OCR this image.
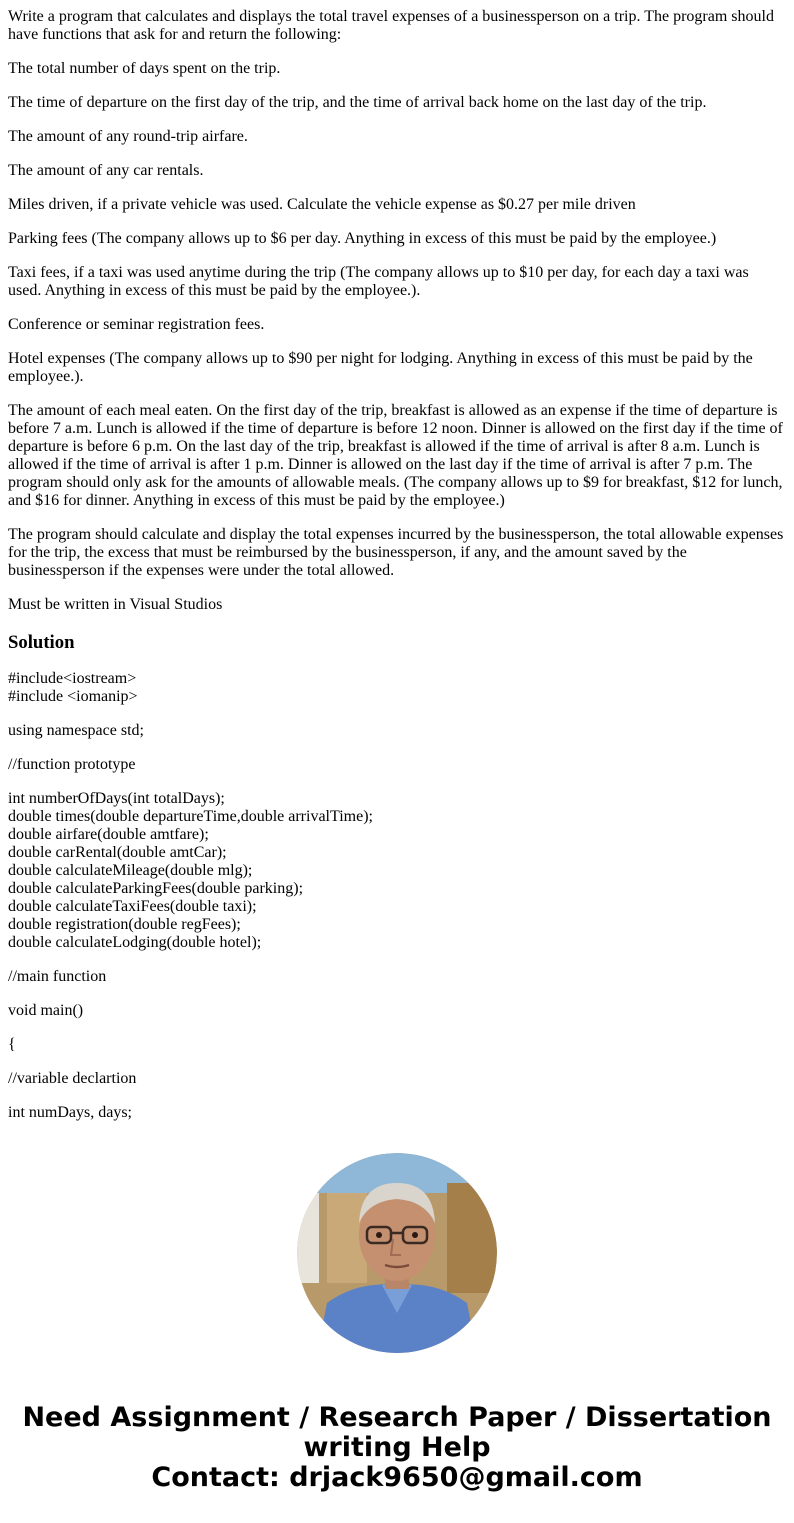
Write a program that calculates and displays the total travel expenses of a businessperson on a trip. The program should have functions that ask for and return the following:

The total number of days spent on the trip.

The time of departure on the first day of the trip, and the time of arrival back home on the last day of the trip.

The amount of any round-trip airfare.

The amount of any car rentals.

Miles driven, if a private vehicle was used. Calculate the vehicle expense as $0.27 per mile driven

Parking fees (The company allows up to $6 per day. Anything in excess of this must be paid by the employee.)

Taxi fees, if a taxi was used anytime during the trip (The company allows up to $10 per day, for each day a taxi was used. Anything in excess of this must be paid by the employee.).

Conference or seminar registration fees.

Hotel expenses (The company allows up to $90 per night for lodging. Anything in excess of this must be paid by the employee.).

The amount of each meal eaten. On the first day of the trip, breakfast is allowed as an expense if the time of departure is before 7 a.m. Lunch is allowed if the time of departure is before 12 noon. Dinner is allowed on the first day if the time of departure is before 6 p.m. On the last day of the trip, breakfast is allowed if the time of arrival is after 8 a.m. Lunch is allowed if the time of arrival is after 1 p.m. Dinner is allowed on the last day if the time of arrival is after 7 p.m. The program should only ask for the amounts of allowable meals. (The company allows up to $9 for breakfast, $12 for lunch, and $16 for dinner. Anything in excess of this must be paid by the employee.)

The program should calculate and display the total expenses incurred by the businessperson, the total allowable expenses for the trip, the excess that must be reimbursed by the businessperson, if any, and the amount saved by the businessperson if the expenses were under the total allowed.

Must be written in Visual Studios

Solution
#include<iostream>
#include <iomanip>

using namespace std;

//function prototype

int numberOfDays(int totalDays);
double times(double departureTime,double arrivalTime);
double airfare(double amtfare);
double carRental(double amtCar);
double calculateMileage(double mlg);
double calculateParkingFees(double parking);
double calculateTaxiFees(double taxi);
double registration(double regFees);
double calculateLodging(double hotel);

//main function

void main()

{

//variable declartion

int numDays, days;

Need Assignment / Research Paper / Dissertation
writing Help
Contact: drjack9650@gmail.com
